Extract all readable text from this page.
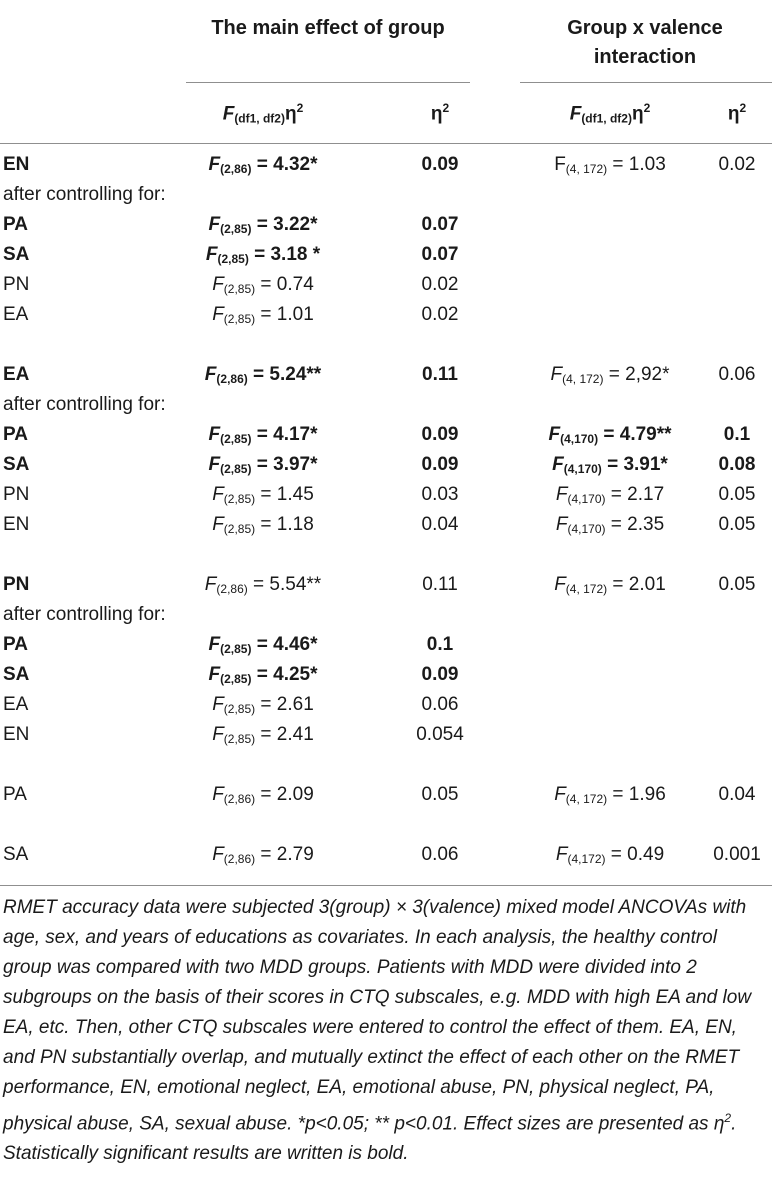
The main effect of group	Group x valence
interaction
$F_{(df1, df2)}\eta^2$	$\eta^2$	$F_{(df1, df2)}\eta^2$	$\eta^2$
EN	$F_{(2,86)} = 4.32*$	0.09	$F_{(4, 172)} = 1.03$	0.02
after controlling for:
PA	$F_{(2,85)} = 3.22*$	0.07
SA	$F_{(2,85)} = 3.18$ *	0.07
PN	$F_{(2,85)} = 0.74$	0.02
EA	$F_{(2,85)} = 1.01$	0.02
EA	$F_{(2,86)} = 5.24**$	0.11	$F_{(4, 172)} = 2,92*$	0.06
after controlling for:
PA	$F_{(2,85)} = 4.17*$	0.09	$F_{(4,170)} = 4.79**$	0.1
SA	$F_{(2,85)} = 3.97*$	0.09	$F_{(4,170)} = 3.91*$	0.08
PN	$F_{(2,85)} = 1.45$	0.03	$F_{(4,170)} = 2.17$	0.05
EN	$F_{(2,85)} = 1.18$	0.04	$F_{(4,170)} = 2.35$	0.05
PN	$F_{(2,86)} = 5.54**$	0.11	$F_{(4, 172)} = 2.01$	0.05
after controlling for:
PA	$F_{(2,85)} = 4.46*$	0.1
SA	$F_{(2,85)} = 4.25*$	0.09
EA	$F_{(2,85)} = 2.61$	0.06
EN	$F_{(2,85)} = 2.41$	0.054
PA	$F_{(2,86)} = 2.09$	0.05	$F_{(4, 172)} = 1.96$	0.04
SA	$F_{(2,86)} = 2.79$	0.06	$F_{(4,172)} = 0.49$	0.001
RMET accuracy data were subjected 3(group) × 3(valence) mixed model ANCOVAs with age, sex, and years of educations as covariates. In each analysis, the healthy control group was compared with two MDD groups. Patients with MDD were divided into 2 subgroups on the basis of their scores in CTQ subscales, e.g. MDD with high EA and low EA, etc. Then, other CTQ subscales were entered to control the effect of them. EA, EN, and PN substantially overlap, and mutually extinct the effect of each other on the RMET performance, EN, emotional neglect, EA, emotional abuse, PN, physical neglect, PA, physical abuse, SA, sexual abuse. *p<0.05; ** p<0.01. Effect sizes are presented as $\eta^2$. Statistically significant results are written is bold.
